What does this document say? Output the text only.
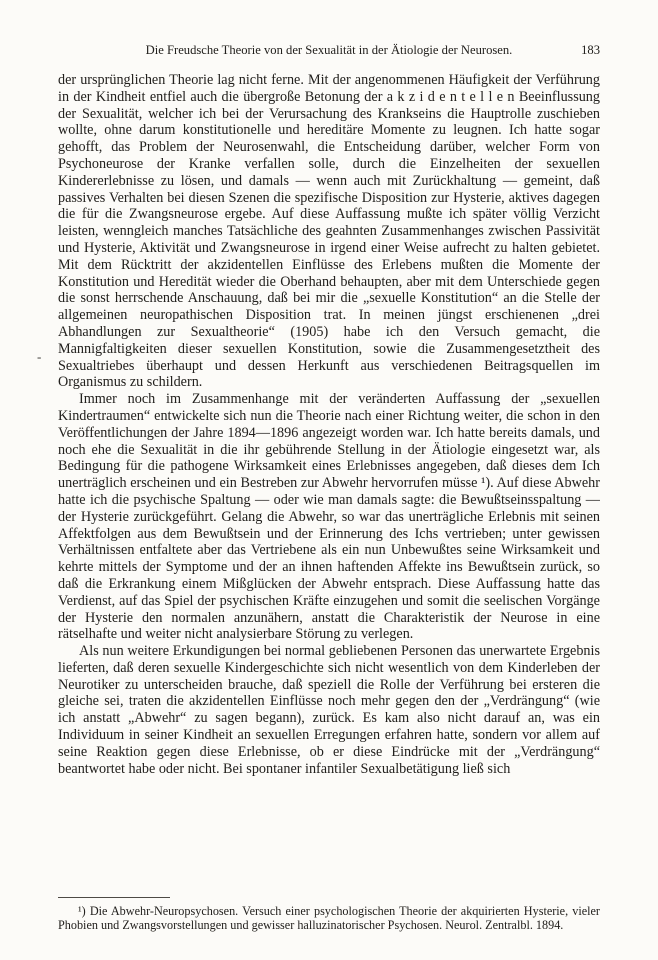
Die Freudsche Theorie von der Sexualität in der Ätiologie der Neurosen.	183
-

der ursprünglichen Theorie lag nicht ferne. Mit der angenommenen Häufigkeit der Verführung in der Kindheit entfiel auch die übergroße Betonung der a k z i d e n t e l l e n Beeinflussung der Sexualität, welcher ich bei der Verursachung des Krankseins die Hauptrolle zuschieben wollte, ohne darum konstitutionelle und hereditäre Momente zu leugnen. Ich hatte sogar gehofft, das Problem der Neurosenwahl, die Entscheidung darüber, welcher Form von Psychoneurose der Kranke verfallen solle, durch die Einzelheiten der sexuellen Kindererlebnisse zu lösen, und damals — wenn auch mit Zurückhaltung — gemeint, daß passives Verhalten bei diesen Szenen die spezifische Disposition zur Hysterie, aktives dagegen die für die Zwangsneurose ergebe. Auf diese Auffassung mußte ich später völlig Verzicht leisten, wenngleich manches Tatsächliche des geahnten Zusammenhanges zwischen Passivität und Hysterie, Aktivität und Zwangsneurose in irgend einer Weise aufrecht zu halten gebietet. Mit dem Rücktritt der akzidentellen Einflüsse des Erlebens mußten die Momente der Konstitution und Heredität wieder die Oberhand behaupten, aber mit dem Unterschiede gegen die sonst herrschende Anschauung, daß bei mir die „sexuelle Konstitution“ an die Stelle der allgemeinen neuropathischen Disposition trat. In meinen jüngst erschienenen „drei Abhandlungen zur Sexualtheorie“ (1905) habe ich den Versuch gemacht, die Mannigfaltigkeiten dieser sexuellen Konstitution, sowie die Zusammengesetztheit des Sexualtriebes überhaupt und dessen Herkunft aus verschiedenen Beitragsquellen im Organismus zu schildern.

Immer noch im Zusammenhange mit der veränderten Auffassung der „sexuellen Kindertraumen“ entwickelte sich nun die Theorie nach einer Richtung weiter, die schon in den Veröffentlichungen der Jahre 1894—1896 angezeigt worden war. Ich hatte bereits damals, und noch ehe die Sexualität in die ihr gebührende Stellung in der Ätiologie eingesetzt war, als Bedingung für die pathogene Wirksamkeit eines Erlebnisses angegeben, daß dieses dem Ich unerträglich erscheinen und ein Bestreben zur Abwehr hervorrufen müsse ¹). Auf diese Abwehr hatte ich die psychische Spaltung — oder wie man damals sagte: die Bewußtseinsspaltung — der Hysterie zurückgeführt. Gelang die Abwehr, so war das unerträgliche Erlebnis mit seinen Affektfolgen aus dem Bewußtsein und der Erinnerung des Ichs vertrieben; unter gewissen Verhältnissen entfaltete aber das Vertriebene als ein nun Unbewußtes seine Wirksamkeit und kehrte mittels der Symptome und der an ihnen haftenden Affekte ins Bewußtsein zurück, so daß die Erkrankung einem Mißglücken der Abwehr entsprach. Diese Auffassung hatte das Verdienst, auf das Spiel der psychischen Kräfte einzugehen und somit die seelischen Vorgänge der Hysterie den normalen anzunähern, anstatt die Charakteristik der Neurose in eine rätselhafte und weiter nicht analysierbare Störung zu verlegen.

Als nun weitere Erkundigungen bei normal gebliebenen Personen das unerwartete Ergebnis lieferten, daß deren sexuelle Kindergeschichte sich nicht wesentlich von dem Kinderleben der Neurotiker zu unterscheiden brauche, daß speziell die Rolle der Verführung bei ersteren die gleiche sei, traten die akzidentellen Einflüsse noch mehr gegen den der „Verdrängung“ (wie ich anstatt „Abwehr“ zu sagen begann), zurück. Es kam also nicht darauf an, was ein Individuum in seiner Kindheit an sexuellen Erregungen erfahren hatte, sondern vor allem auf seine Reaktion gegen diese Erlebnisse, ob er diese Eindrücke mit der „Verdrängung“ beantwortet habe oder nicht. Bei spontaner infantiler Sexualbetätigung ließ sich

¹) Die Abwehr-Neuropsychosen. Versuch einer psychologischen Theorie der akquirierten Hysterie, vieler Phobien und Zwangsvorstellungen und gewisser halluzinatorischer Psychosen. Neurol. Zentralbl. 1894.
